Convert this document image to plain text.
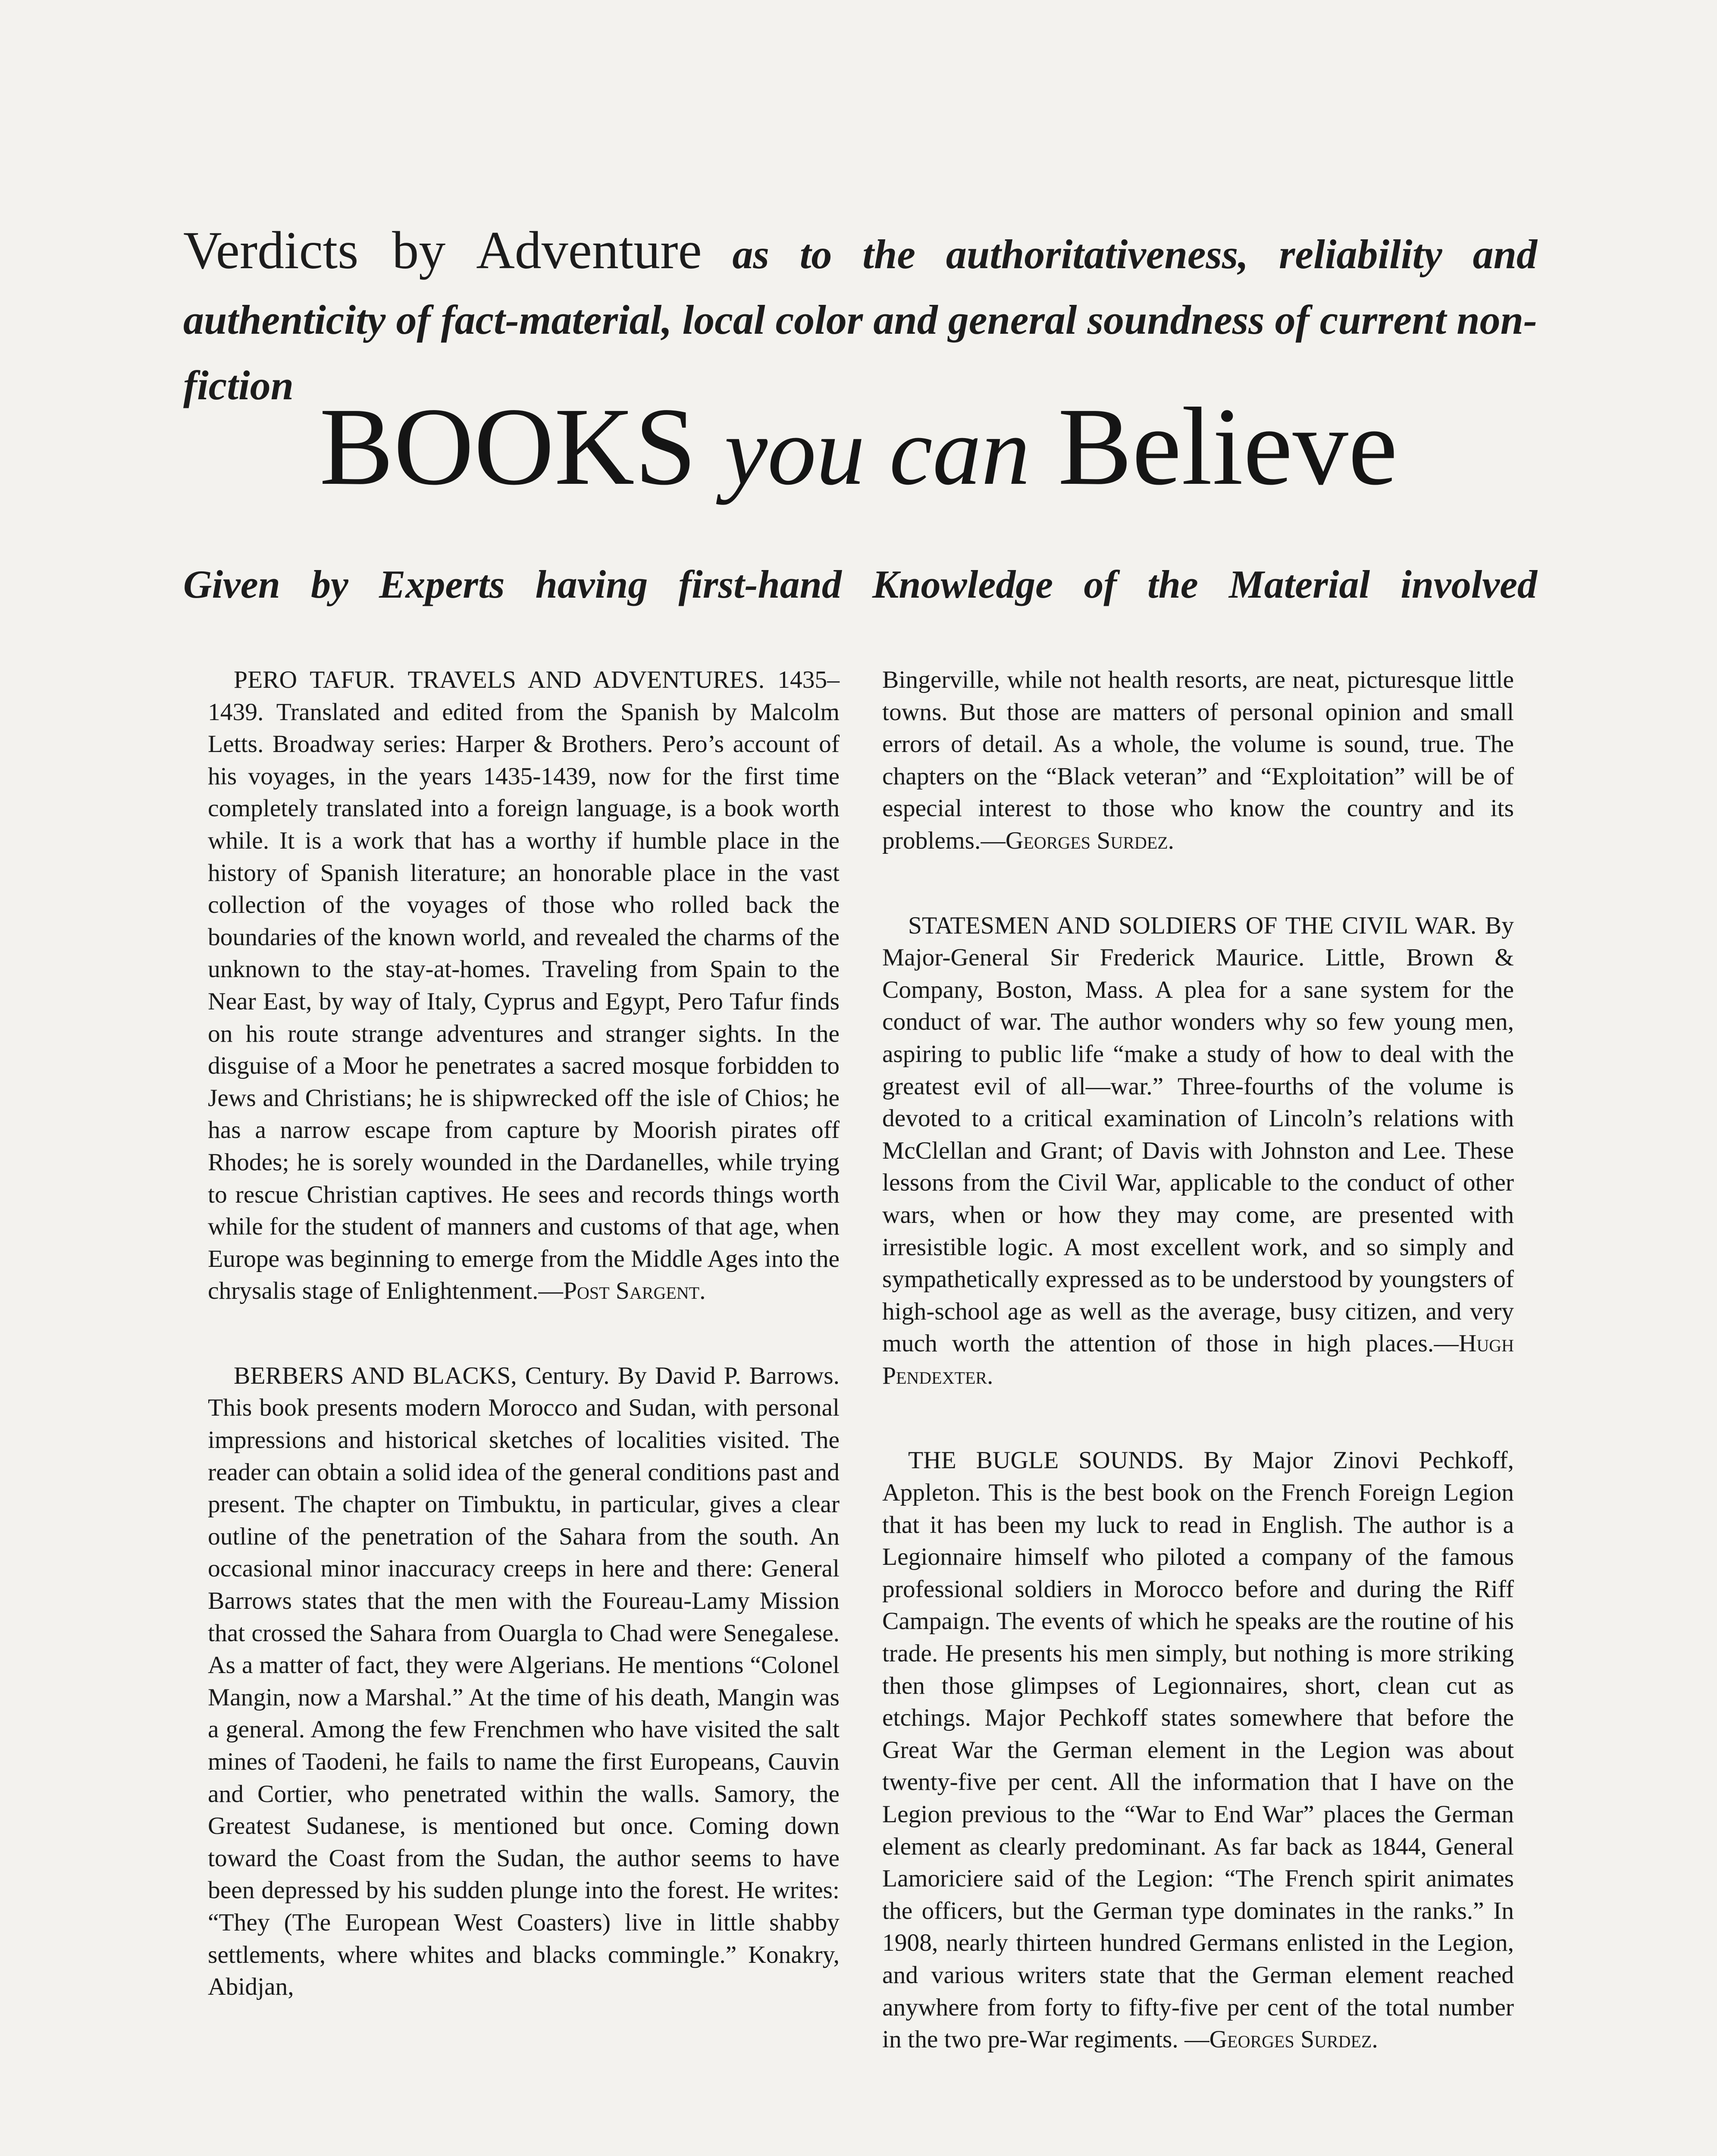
Verdicts by Adventure as to the authoritativeness, reliability and authenticity of fact-material, local color and general soundness of current non-fiction BOOKS you can Believe

Given by Experts having first-hand Knowledge of the Material involved

PERO TAFUR. TRAVELS AND ADVENTURES. 1435–1439. Translated and edited from the Spanish by Malcolm Letts. Broadway series: Harper & Brothers. Pero’s account of his voyages, in the years 1435-1439, now for the first time completely translated into a foreign language, is a book worth while. It is a work that has a worthy if humble place in the history of Spanish literature; an honorable place in the vast collection of the voyages of those who rolled back the boundaries of the known world, and revealed the charms of the unknown to the stay-at-homes. Traveling from Spain to the Near East, by way of Italy, Cyprus and Egypt, Pero Tafur finds on his route strange adventures and stranger sights. In the disguise of a Moor he penetrates a sacred mosque forbidden to Jews and Christians; he is shipwrecked off the isle of Chios; he has a narrow escape from capture by Moorish pirates off Rhodes; he is sorely wounded in the Dardanelles, while trying to rescue Christian captives. He sees and records things worth while for the student of manners and customs of that age, when Europe was beginning to emerge from the Middle Ages into the chrysalis stage of Enlightenment.—Post Sargent.

BERBERS AND BLACKS, Century. By David P. Barrows. This book presents modern Morocco and Sudan, with personal impressions and historical sketches of localities visited. The reader can obtain a solid idea of the general conditions past and present. The chapter on Timbuktu, in particular, gives a clear outline of the penetration of the Sahara from the south. An occasional minor inaccuracy creeps in here and there: General Barrows states that the men with the Foureau-Lamy Mission that crossed the Sahara from Ouargla to Chad were Senegalese. As a matter of fact, they were Algerians. He mentions “Colonel Mangin, now a Marshal.” At the time of his death, Mangin was a general. Among the few Frenchmen who have visited the salt mines of Taodeni, he fails to name the first Europeans, Cauvin and Cortier, who penetrated within the walls. Samory, the Greatest Sudanese, is mentioned but once. Coming down toward the Coast from the Sudan, the author seems to have been depressed by his sudden plunge into the forest. He writes: “They (The European West Coasters) live in little shabby settlements, where whites and blacks commingle.” Konakry, Abidjan,

Bingerville, while not health resorts, are neat, picturesque little towns. But those are matters of personal opinion and small errors of detail. As a whole, the volume is sound, true. The chapters on the “Black veteran” and “Exploitation” will be of especial interest to those who know the country and its problems.—Georges Surdez.

STATESMEN AND SOLDIERS OF THE CIVIL WAR. By Major-General Sir Frederick Maurice. Little, Brown & Company, Boston, Mass. A plea for a sane system for the conduct of war. The author wonders why so few young men, aspiring to public life “make a study of how to deal with the greatest evil of all—war.” Three-fourths of the volume is devoted to a critical examination of Lincoln’s relations with McClellan and Grant; of Davis with Johnston and Lee. These lessons from the Civil War, applicable to the conduct of other wars, when or how they may come, are presented with irresistible logic. A most excellent work, and so simply and sympathetically expressed as to be understood by youngsters of high-school age as well as the average, busy citizen, and very much worth the attention of those in high places.—Hugh Pendexter.

THE BUGLE SOUNDS. By Major Zinovi Pechkoff, Appleton. This is the best book on the French Foreign Legion that it has been my luck to read in English. The author is a Legionnaire himself who piloted a company of the famous professional soldiers in Morocco before and during the Riff Campaign. The events of which he speaks are the routine of his trade. He presents his men simply, but nothing is more striking then those glimpses of Legionnaires, short, clean cut as etchings. Major Pechkoff states somewhere that before the Great War the German element in the Legion was about twenty-five per cent. All the information that I have on the Legion previous to the “War to End War” places the German element as clearly predominant. As far back as 1844, General Lamoriciere said of the Legion: “The French spirit animates the officers, but the German type dominates in the ranks.” In 1908, nearly thirteen hundred Germans enlisted in the Legion, and various writers state that the German element reached anywhere from forty to fifty-five per cent of the total number in the two pre-War regiments. —Georges Surdez.
